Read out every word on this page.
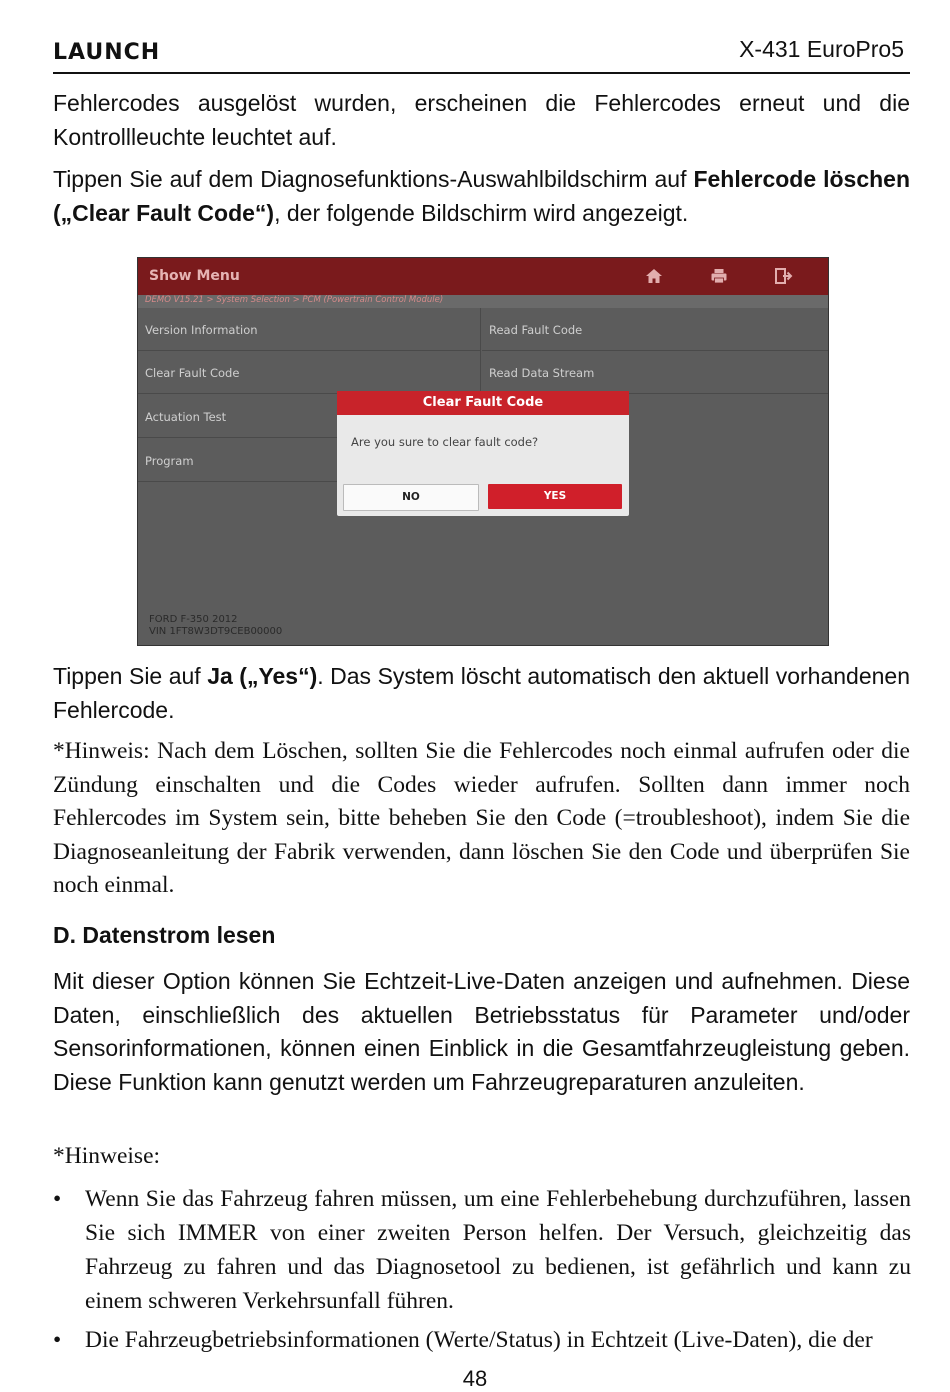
LAUNCH	X-431 EuroPro5

Fehlercodes ausgelöst wurden, erscheinen die Fehlercodes erneut und die Kontrollleuchte leuchtet auf.

Tippen Sie auf dem Diagnosefunktions-Auswahlbildschirm auf Fehlercode löschen („Clear Fault Code“), der folgende Bildschirm wird angezeigt.

Show Menu
DEMO V15.21 > System Selection > PCM (Powertrain Control Module)
Version Information
Clear Fault Code
Actuation Test
Program
Read Fault Code
Read Data Stream
FORD F-350 2012
VIN 1FT8W3DT9CEB00000
Clear Fault Code
Are you sure to clear fault code?
NO	YES

Tippen Sie auf Ja („Yes“). Das System löscht automatisch den aktuell vorhandenen Fehlercode.

*Hinweis: Nach dem Löschen, sollten Sie die Fehlercodes noch einmal aufrufen oder die Zündung einschalten und die Codes wieder aufrufen. Sollten dann immer noch Fehlercodes im System sein, bitte beheben Sie den Code (=troubleshoot), indem Sie die Diagnoseanleitung der Fabrik verwenden, dann löschen Sie den Code und überprüfen Sie noch einmal.

D. Datenstrom lesen

Mit dieser Option können Sie Echtzeit-Live-Daten anzeigen und aufnehmen. Diese Daten, einschließlich des aktuellen Betriebsstatus für Parameter und/oder Sensorinformationen, können einen Einblick in die Gesamtfahrzeugleistung geben. Diese Funktion kann genutzt werden um Fahrzeugreparaturen anzuleiten.

*Hinweise:

• Wenn Sie das Fahrzeug fahren müssen, um eine Fehlerbehebung durchzuführen, lassen Sie sich IMMER von einer zweiten Person helfen. Der Versuch, gleichzeitig das Fahrzeug zu fahren und das Diagnosetool zu bedienen, ist gefährlich und kann zu einem schweren Verkehrsunfall führen.
• Die Fahrzeugbetriebsinformationen (Werte/Status) in Echtzeit (Live-Daten), die der
48
